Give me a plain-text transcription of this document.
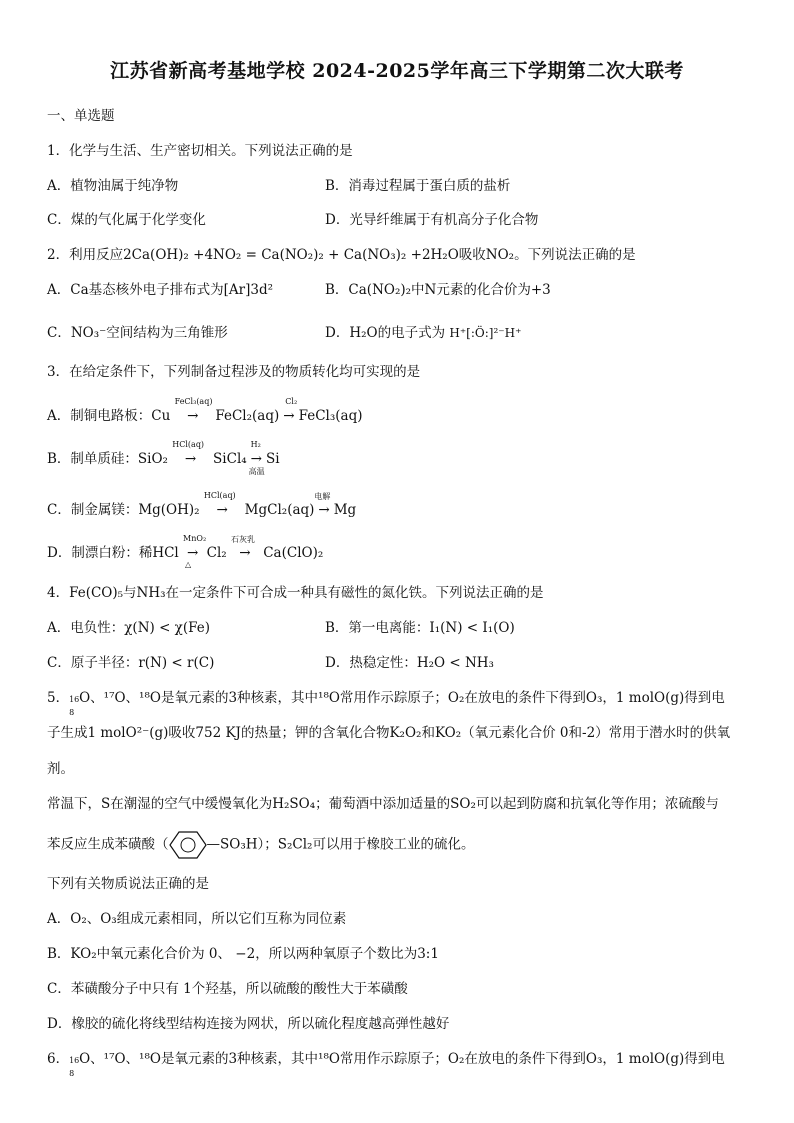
江苏省新高考基地学校 2024-2025学年高三下学期第二次大联考
一、单选题
1．化学与生活、生产密切相关。下列说法正确的是
A．植物油属于纯净物	B．消毒过程属于蛋白质的盐析
C．煤的气化属于化学变化	D．光导纤维属于有机高分子化合物
2．利用反应2Ca(OH)₂ +4NO₂ = Ca(NO₂)₂ + Ca(NO₃)₂ +2H₂O吸收NO₂。下列说法正确的是
A．Ca基态核外电子排布式为[Ar]3d²	B．Ca(NO₂)₂中N元素的化合价为+3
C．NO₃⁻空间结构为三角锥形	D．H₂O的电子式为 H⁺[:Ö:]²⁻H⁺
3．在给定条件下，下列制备过程涉及的物质转化均可实现的是
A．制铜电路板：Cu
FeCl₃(aq)
→   FeCl₂(aq)
Cl₂
→ FeCl₃(aq)
B．制单质硅：SiO₂
HCl(aq)
→   SiCl₄
H₂
→
高温
Si
C．制金属镁：Mg(OH)₂
HCl(aq)
→   MgCl₂(aq)
电解
→ Mg
D．制漂白粉：稀HCl
MnO₂
→
△
Cl₂
石灰乳
→  Ca(ClO)₂
4．Fe(CO)₅与NH₃在一定条件下可合成一种具有磁性的氮化铁。下列说法正确的是
A．电负性：χ(N) < χ(Fe)	B．第一电离能：I₁(N) < I₁(O)
C．原子半径：r(N) < r(C)	D．热稳定性：H₂O < NH₃
5． 16
8
O、¹⁷O、¹⁸O是氧元素的3种核素，其中¹⁸O常用作示踪原子；O₂在放电的条件下得到O₃，1 molO(g)得到电
子生成1 molO²⁻(g)吸收752 KJ的热量；钾的含氧化合物K₂O₂和KO₂（氧元素化合价 0和-2）常用于潜水时的供氧
剂。
常温下，S在潮湿的空气中缓慢氧化为H₂SO₄；葡萄酒中添加适量的SO₂可以起到防腐和抗氧化等作用；浓硫酸与
苯反应生成苯磺酸（	—SO₃H）；S₂Cl₂可以用于橡胶工业的硫化。
下列有关物质说法正确的是
A．O₂、O₃组成元素相同，所以它们互称为同位素
B．KO₂中氧元素化合价为 0、 −2，所以两种氧原子个数比为3:1
C．苯磺酸分子中只有 1个羟基，所以硫酸的酸性大于苯磺酸
D．橡胶的硫化将线型结构连接为网状，所以硫化程度越高弹性越好
6． 16
8
O、¹⁷O、¹⁸O是氧元素的3种核素，其中¹⁸O常用作示踪原子；O₂在放电的条件下得到O₃，1 molO(g)得到电
